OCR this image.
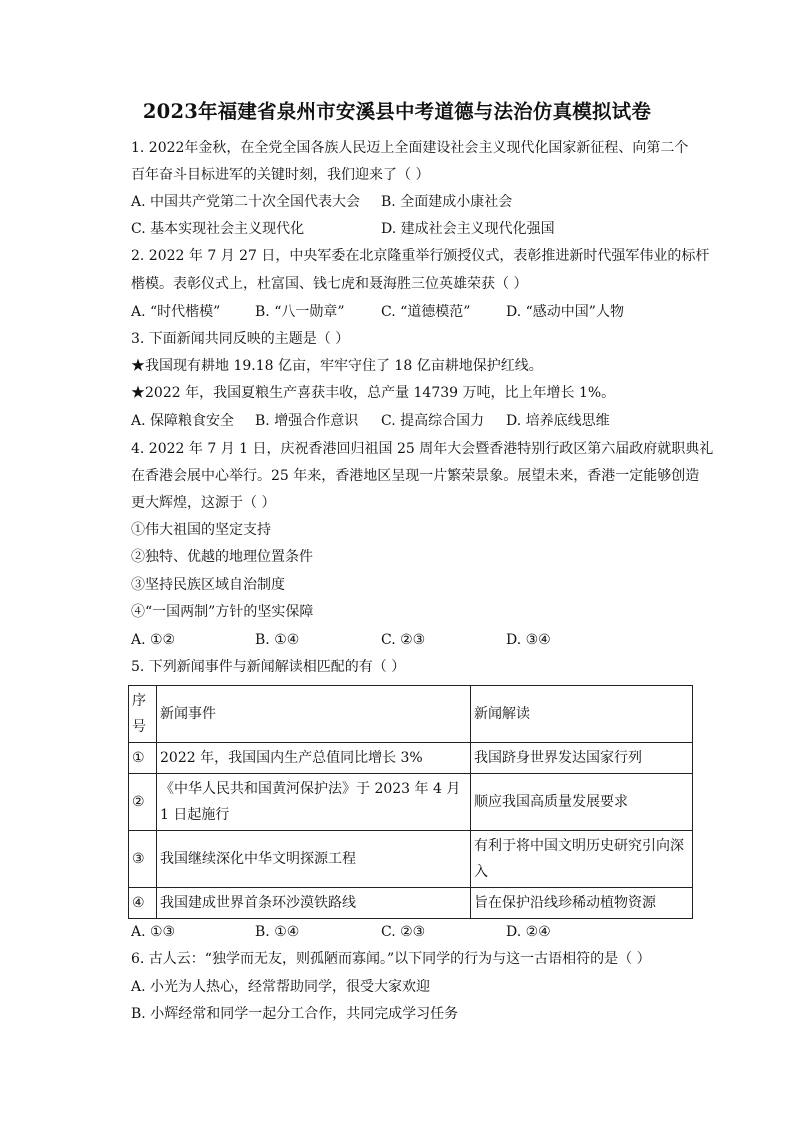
2023年福建省泉州市安溪县中考道德与法治仿真模拟试卷
1. 2022年金秋，在全党全国各族人民迈上全面建设社会主义现代化国家新征程、向第二个
百年奋斗目标进军的关键时刻，我们迎来了（ ）
A. 中国共产党第二十次全国代表大会 B. 全面建成小康社会
C. 基本实现社会主义现代化	D. 建成社会主义现代化强国
2. 2022 年 7 月 27 日，中央军委在北京隆重举行颁授仪式，表彰推进新时代强军伟业的标杆
楷模。表彰仪式上，杜富国、钱七虎和聂海胜三位英雄荣获（ ）
A. “时代楷模” B. “八一勋章”	C. “道德模范”	D. “感动中国”人物
3. 下面新闻共同反映的主题是（ ）
★我国现有耕地 19.18 亿亩，牢牢守住了 18 亿亩耕地保护红线。
★2022 年，我国夏粮生产喜获丰收，总产量 14739 万吨，比上年增长 1%。
A. 保障粮食安全 B. 增强合作意识 C. 提高综合国力 D. 培养底线思维
4. 2022 年 7 月 1 日，庆祝香港回归祖国 25 周年大会暨香港特别行政区第六届政府就职典礼
在香港会展中心举行。25 年来，香港地区呈现一片繁荣景象。展望未来，香港一定能够创造
更大辉煌，这源于（ ）
①伟大祖国的坚定支持
②独特、优越的地理位置条件
③坚持民族区域自治制度
④“一国两制”方针的坚实保障
A. ①②	B. ①④	C. ②③	D. ③④
5. 下列新闻事件与新闻解读相匹配的有（ ）
序号	新闻事件	新闻解读
①	2022 年，我国国内生产总值同比增长 3%	我国跻身世界发达国家行列
②	《中华人民共和国黄河保护法》于 2023 年 4 月 1 日起施行	顺应我国高质量发展要求
③	我国继续深化中华文明探源工程	有利于将中国文明历史研究引向深入
④	我国建成世界首条环沙漠铁路线	旨在保护沿线珍稀动植物资源
A. ①③	B. ①④	C. ②③	D. ②④
6. 古人云：“独学而无友，则孤陋而寡闻。”以下同学的行为与这一古语相符的是（ ）
A. 小光为人热心，经常帮助同学，很受大家欢迎
B. 小辉经常和同学一起分工合作，共同完成学习任务
